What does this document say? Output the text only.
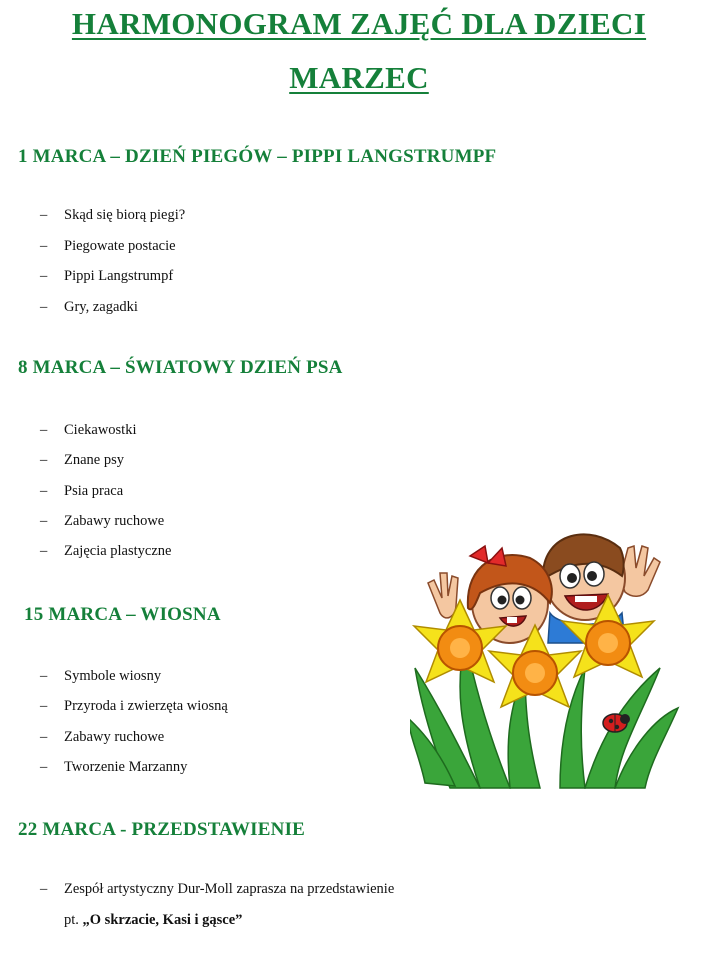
HARMONOGRAM ZAJĘĆ DLA DZIECI
MARZEC
1 MARCA – DZIEŃ PIEGÓW – PIPPI LANGSTRUMPF
– Skąd się biorą piegi?
– Piegowate postacie
– Pippi Langstrumpf
– Gry, zagadki
8 MARCA – ŚWIATOWY DZIEŃ PSA
– Ciekawostki
– Znane psy
– Psia praca
– Zabawy ruchowe
– Zajęcia plastyczne
15 MARCA – WIOSNA
– Symbole wiosny
– Przyroda i zwierzęta wiosną
– Zabawy ruchowe
– Tworzenie Marzanny
22 MARCA - PRZEDSTAWIENIE
– Zespół artystyczny Dur-Moll zaprasza na przedstawienie
pt. „O skrzacie, Kasi i gąsce”
